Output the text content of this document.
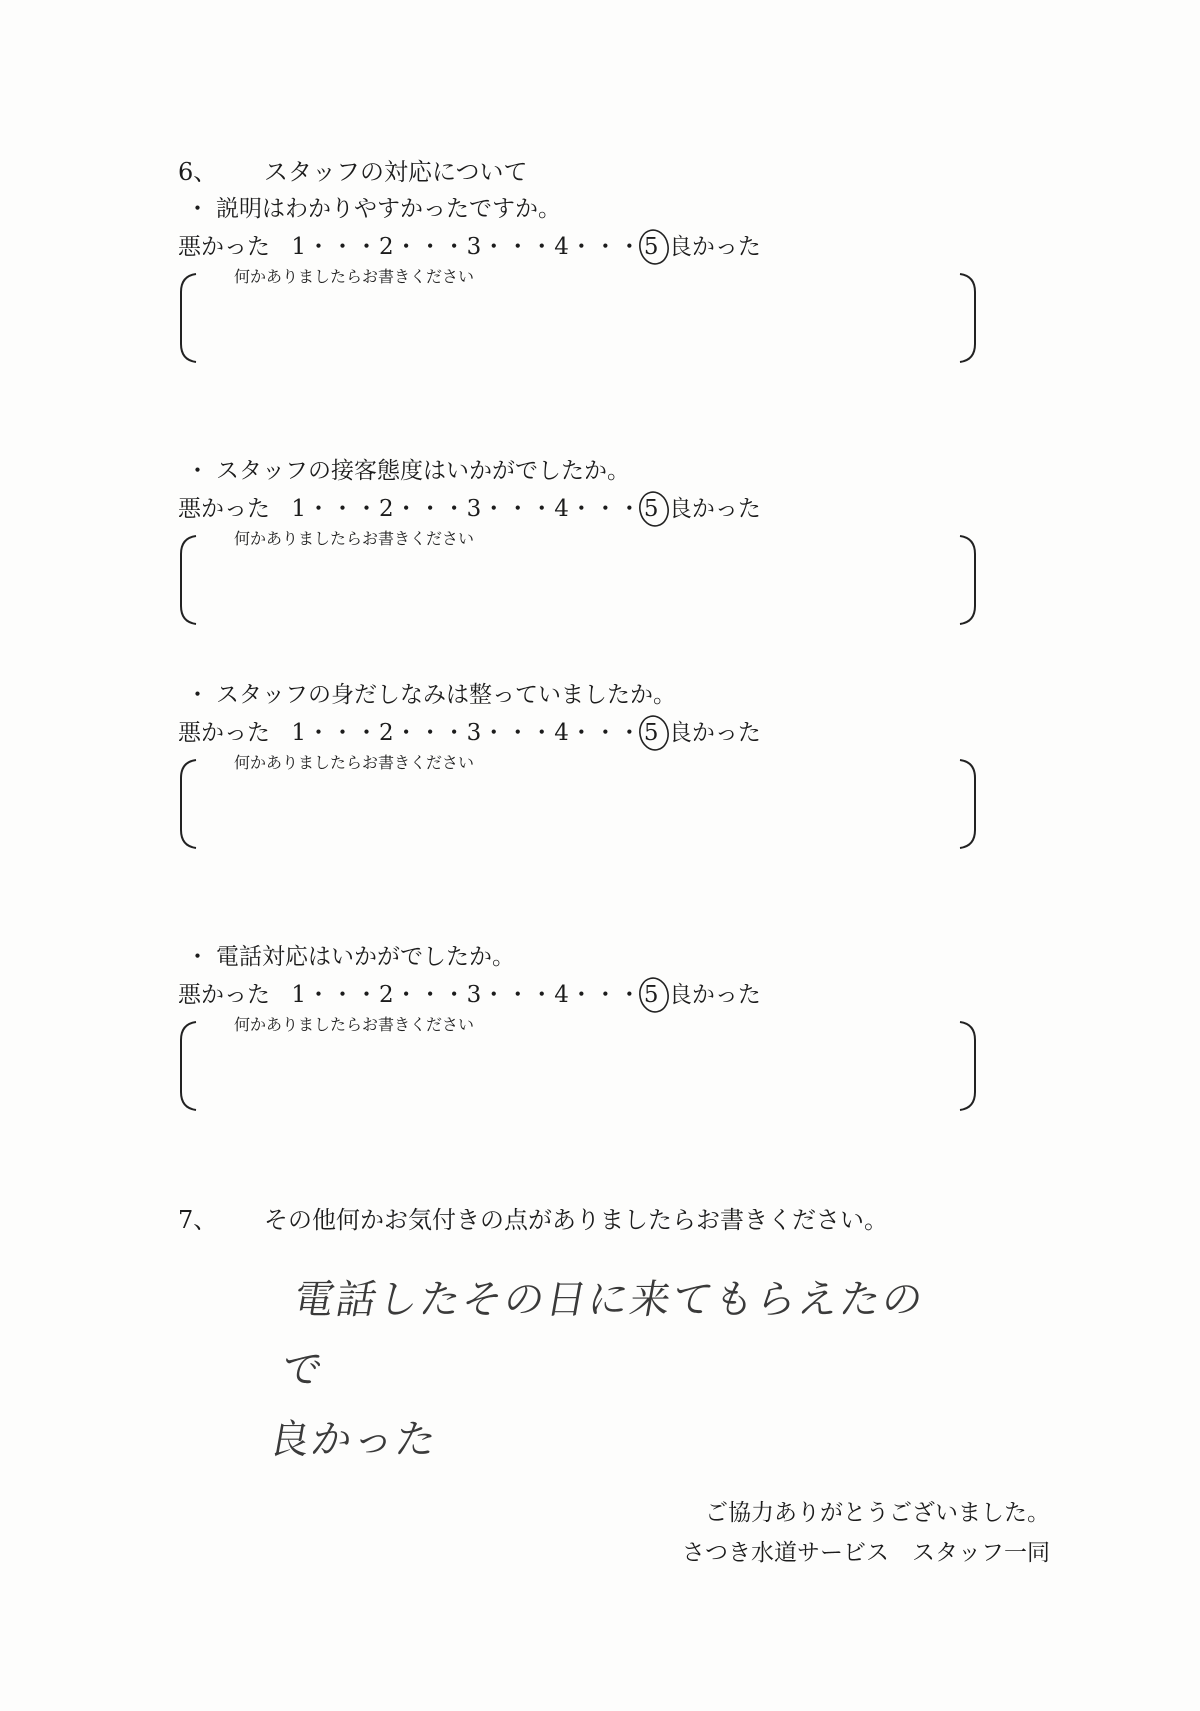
6、 スタッフの対応について
・ 説明はわかりやすかったですか。
悪かった 1・・・2・・・3・・・4・・・5 良かった
何かありましたらお書きください
・ スタッフの接客態度はいかがでしたか。
悪かった 1・・・2・・・3・・・4・・・5 良かった
何かありましたらお書きください
・ スタッフの身だしなみは整っていましたか。
悪かった 1・・・2・・・3・・・4・・・5 良かった
何かありましたらお書きください
・ 電話対応はいかがでしたか。
悪かった 1・・・2・・・3・・・4・・・5 良かった
何かありましたらお書きください
7、 その他何かお気付きの点がありましたらお書きください。
電話したその日に来てもらえたので
良かった
ご協力ありがとうございました。
さつき水道サービス　スタッフ一同
